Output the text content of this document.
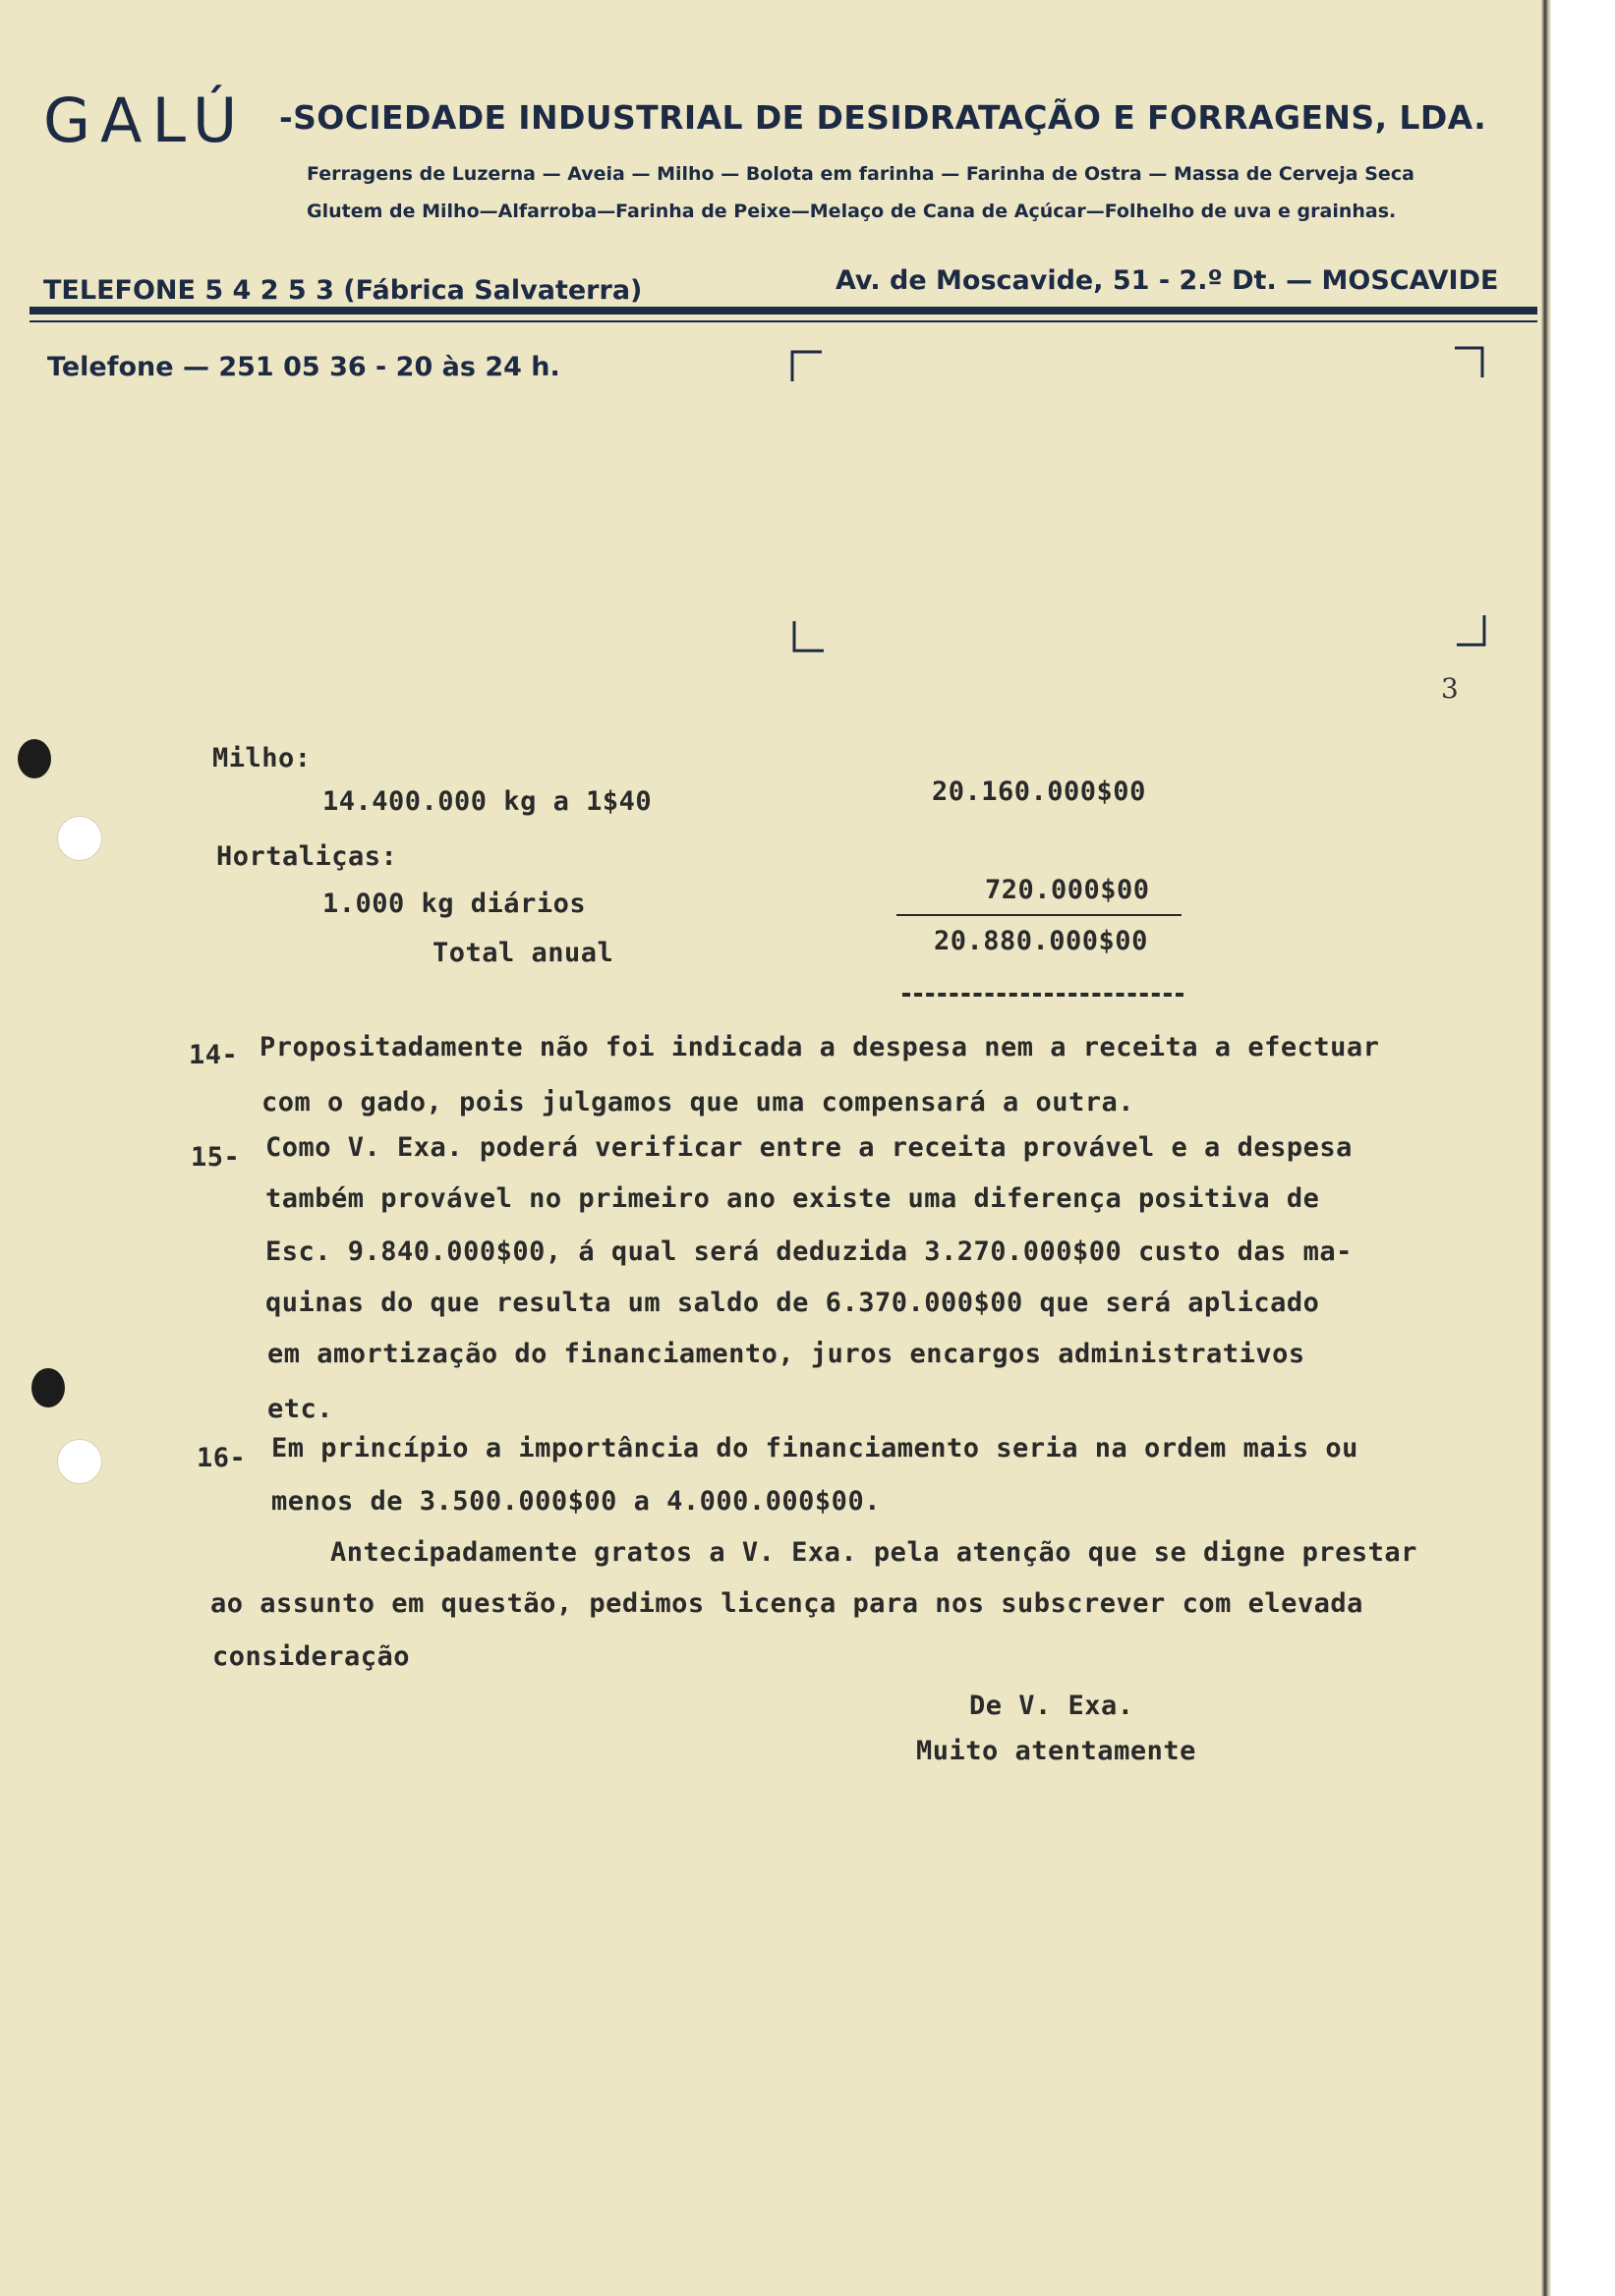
GALÚ -SOCIEDADE INDUSTRIAL DE DESIDRATAÇÃO E FORRAGENS, LDA.
Ferragens de Luzerna — Aveia — Milho — Bolota em farinha — Farinha de Ostra — Massa de Cerveja Seca
Glutem de Milho—Alfarroba—Farinha de Peixe—Melaço de Cana de Açúcar—Folhelho de uva e grainhas.
TELEFONE 5 4 2 5 3 (Fábrica Salvaterra)	Av. de Moscavide, 51 - 2.º Dt. — MOSCAVIDE
Telefone — 251 05 36 - 20 às 24 h.
3
Milho:
14.400.000 kg a 1$40	20.160.000$00
Hortaliças:
1.000 kg diários	720.000$00
Total anual	20.880.000$00
14- Propositadamente não foi indicada a despesa nem a receita a efectuar
com o gado, pois julgamos que uma compensará a outra.
15- Como V. Exa. poderá verificar entre a receita provável e a despesa
também provável no primeiro ano existe uma diferença positiva de
Esc. 9.840.000$00, á qual será deduzida 3.270.000$00 custo das ma-
quinas do que resulta um saldo de 6.370.000$00 que será aplicado
em amortização do financiamento, juros encargos administrativos
etc.
16- Em princípio a importância do financiamento seria na ordem mais ou
menos de 3.500.000$00 a 4.000.000$00.
Antecipadamente gratos a V. Exa. pela atenção que se digne prestar
ao assunto em questão, pedimos licença para nos subscrever com elevada
consideração
De V. Exa.
Muito atentamente
